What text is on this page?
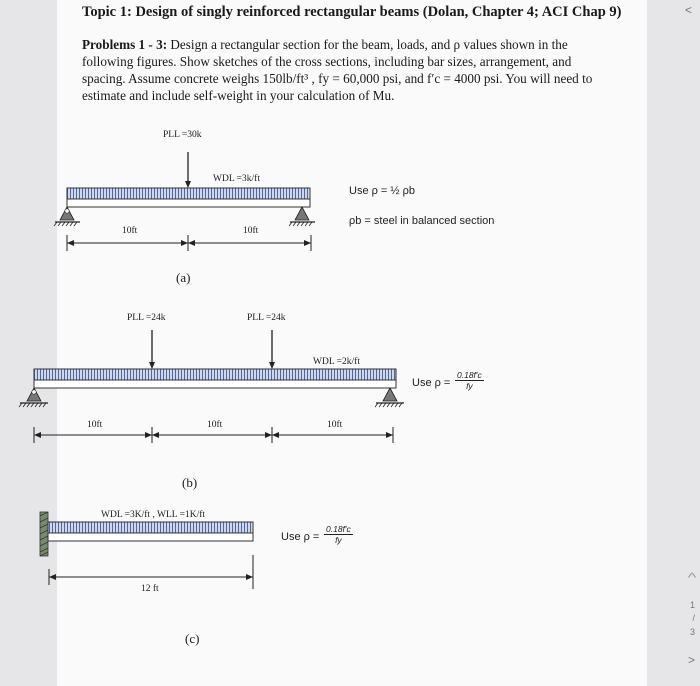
Topic 1: Design of singly reinforced rectangular beams (Dolan, Chapter 4; ACI Chap 9)
Problems 1 - 3: Design a rectangular section for the beam, loads, and ρ values shown in the following figures. Show sketches of the cross sections, including bar sizes, arrangement, and spacing. Assume concrete weighs 150lb/ft³ , fy = 60,000 psi, and f′c = 4000 psi. You will need to estimate and include self-weight in your calculation of Mu.
PLL =30k
WDL =3k/ft
10ft	10ft
(a)
Use ρ = ½ ρb
ρb = steel in balanced section
PLL =24k	PLL =24k
WDL =2k/ft
10ft	10ft	10ft
(b)
Use $\rho = \frac{0.18f'c}{fy}$
WDL =3K/ft , WLL =1K/ft
12 ft
(c)
Use $\rho = \frac{0.18f'c}{fy}$
^
1
/
3
>
<
